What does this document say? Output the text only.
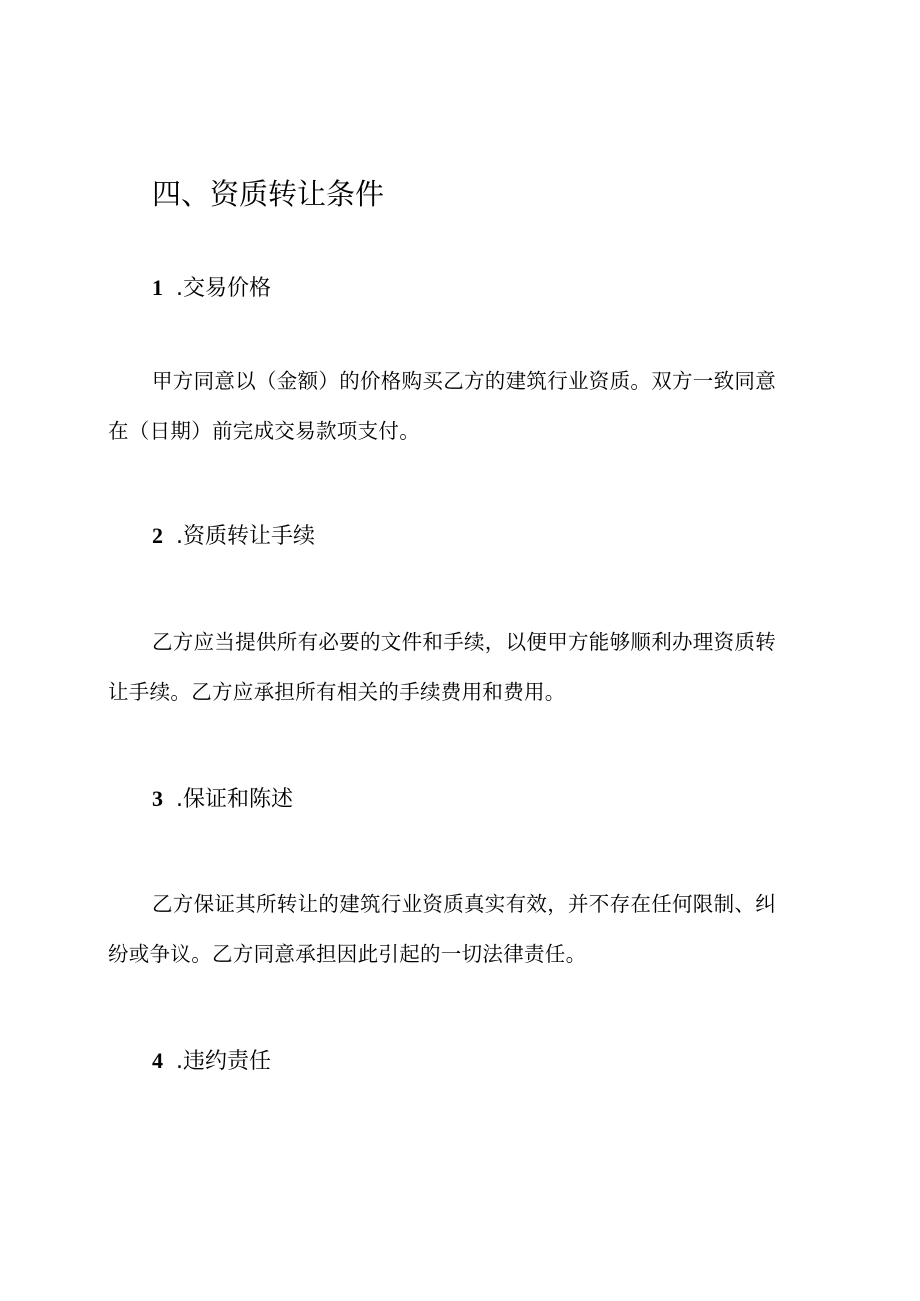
四、资质转让条件
1 .交易价格
甲方同意以（金额）的价格购买乙方的建筑行业资质。双方一致同意
在（日期）前完成交易款项支付。
2 .资质转让手续
乙方应当提供所有必要的文件和手续，以便甲方能够顺利办理资质转
让手续。乙方应承担所有相关的手续费用和费用。
3 .保证和陈述
乙方保证其所转让的建筑行业资质真实有效，并不存在任何限制、纠
纷或争议。乙方同意承担因此引起的一切法律责任。
4 .违约责任
